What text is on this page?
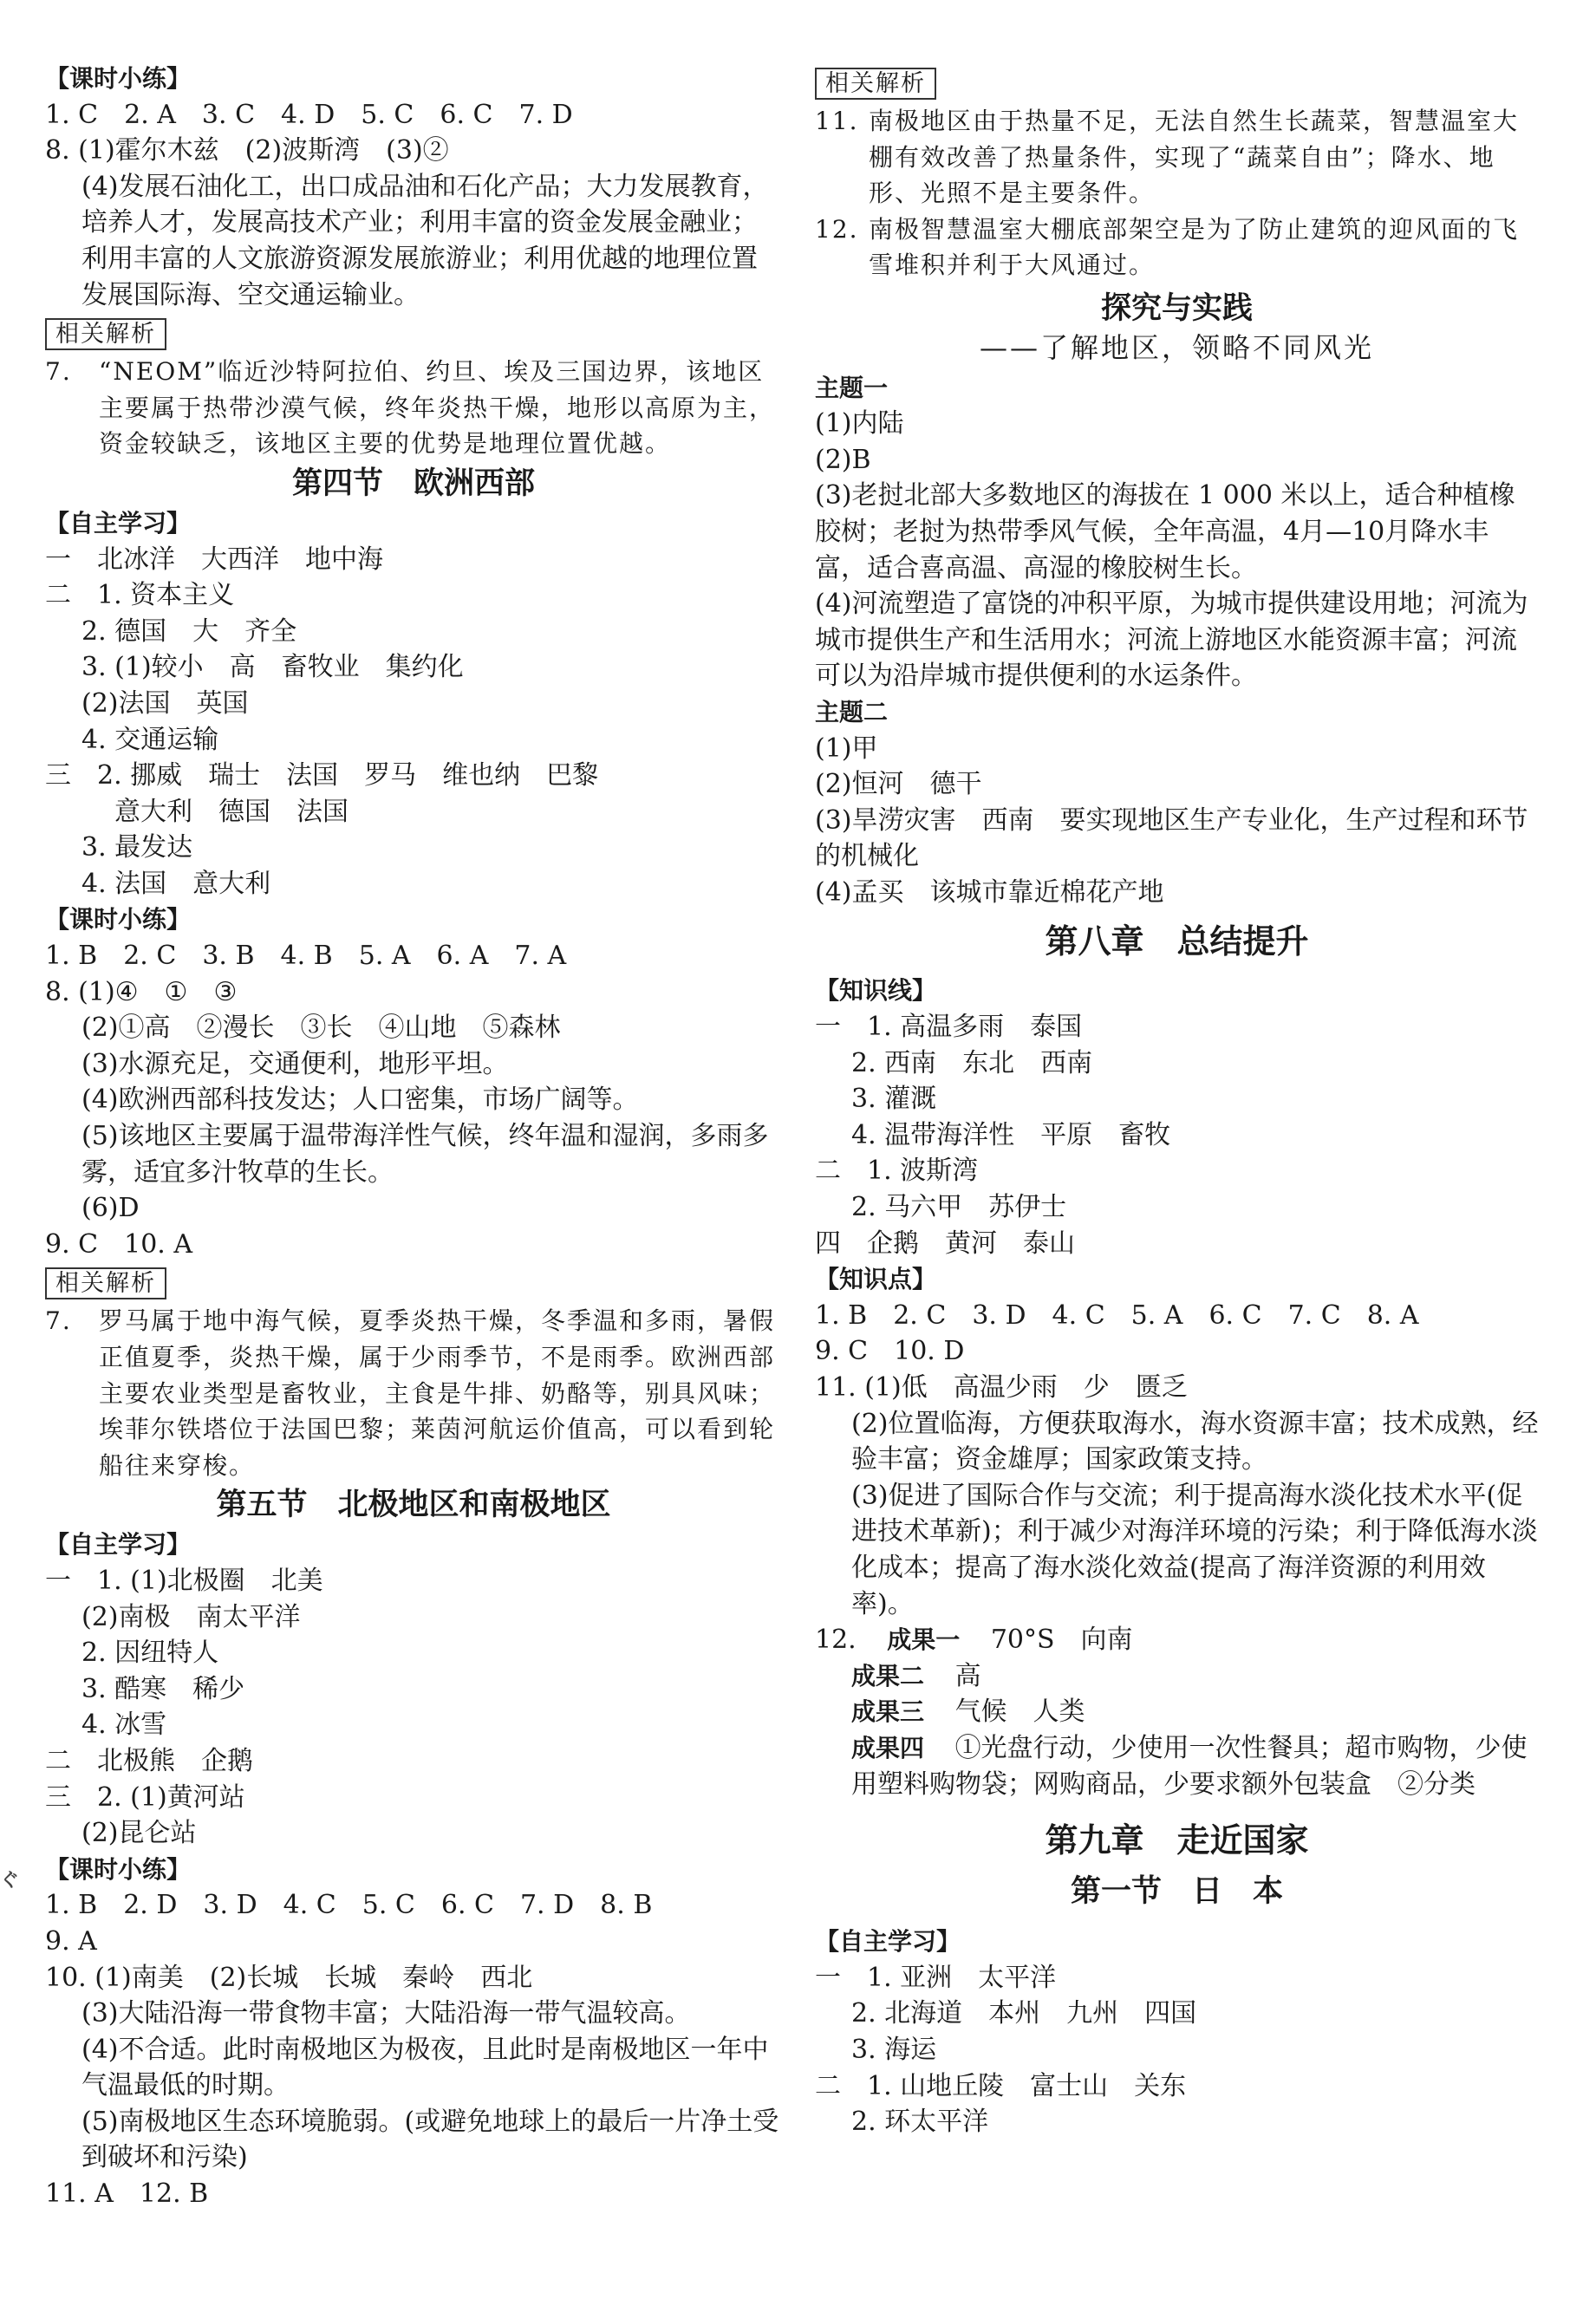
【课时小练】
1. C　2. A　3. C　4. D　5. C　6. C　7. D
8. (1)霍尔木兹　(2)波斯湾　(3)②
(4)发展石油化工，出口成品油和石化产品；大力发展教育，培养人才，发展高技术产业；利用丰富的资金发展金融业；利用丰富的人文旅游资源发展旅游业；利用优越的地理位置发展国际海、空交通运输业。
相关解析
7.	“NEOM”临近沙特阿拉伯、约旦、埃及三国边界，该地区主要属于热带沙漠气候，终年炎热干燥，地形以高原为主，资金较缺乏，该地区主要的优势是地理位置优越。
第四节　欧洲西部
【自主学习】
一　北冰洋　大西洋　地中海
二　1. 资本主义
2. 德国　大　齐全
3. (1)较小　高　畜牧业　集约化
(2)法国　英国
4. 交通运输
三　2. 挪威　瑞士　法国　罗马　维也纳　巴黎
意大利　德国　法国
3. 最发达
4. 法国　意大利
【课时小练】
1. B　2. C　3. B　4. B　5. A　6. A　7. A
8. (1)④　①　③
(2)①高　②漫长　③长　④山地　⑤森林
(3)水源充足，交通便利，地形平坦。
(4)欧洲西部科技发达；人口密集，市场广阔等。
(5)该地区主要属于温带海洋性气候，终年温和湿润，多雨多雾，适宜多汁牧草的生长。
(6)D
9. C　10. A
相关解析
7.	罗马属于地中海气候，夏季炎热干燥，冬季温和多雨，暑假正值夏季，炎热干燥，属于少雨季节，不是雨季。欧洲西部主要农业类型是畜牧业，主食是牛排、奶酪等，别具风味；埃菲尔铁塔位于法国巴黎；莱茵河航运价值高，可以看到轮船往来穿梭。
第五节　北极地区和南极地区
【自主学习】
一　1. (1)北极圈　北美
(2)南极　南太平洋
2. 因纽特人
3. 酷寒　稀少
4. 冰雪
二　北极熊　企鹅
三　2. (1)黄河站
(2)昆仑站
【课时小练】
1. B　2. D　3. D　4. C　5. C　6. C　7. D　8. B
9. A
10. (1)南美　(2)长城　长城　秦岭　西北
(3)大陆沿海一带食物丰富；大陆沿海一带气温较高。
(4)不合适。此时南极地区为极夜，且此时是南极地区一年中气温最低的时期。
(5)南极地区生态环境脆弱。(或避免地球上的最后一片净土受到破坏和污染)
11. A　12. B
ぐ
相关解析
11. 南极地区由于热量不足，无法自然生长蔬菜，智慧温室大棚有效改善了热量条件，实现了“蔬菜自由”；降水、地形、光照不是主要条件。
12. 南极智慧温室大棚底部架空是为了防止建筑的迎风面的飞雪堆积并利于大风通过。
探究与实践
——了解地区，领略不同风光
主题一
(1)内陆
(2)B
(3)老挝北部大多数地区的海拔在 1 000 米以上，适合种植橡胶树；老挝为热带季风气候，全年高温，4月—10月降水丰富，适合喜高温、高湿的橡胶树生长。
(4)河流塑造了富饶的冲积平原，为城市提供建设用地；河流为城市提供生产和生活用水；河流上游地区水能资源丰富；河流可以为沿岸城市提供便利的水运条件。
主题二
(1)甲
(2)恒河　德干
(3)旱涝灾害　西南　要实现地区生产专业化，生产过程和环节的机械化
(4)孟买　该城市靠近棉花产地
第八章　总结提升
【知识线】
一　1. 高温多雨　泰国
2. 西南　东北　西南
3. 灌溉
4. 温带海洋性　平原　畜牧
二　1. 波斯湾
2. 马六甲　苏伊士
四　企鹅　黄河　泰山
【知识点】
1. B　2. C　3. D　4. C　5. A　6. C　7. C　8. A
9. C　10. D
11. (1)低　高温少雨　少　匮乏
(2)位置临海，方便获取海水，海水资源丰富；技术成熟，经验丰富；资金雄厚；国家政策支持。
(3)促进了国际合作与交流；利于提高海水淡化技术水平(促进技术革新)；利于减少对海洋环境的污染；利于降低海水淡化成本；提高了海水淡化效益(提高了海洋资源的利用效率)。
12. 成果一 70°S　向南
成果二 高
成果三 气候　人类
成果四 ①光盘行动，少使用一次性餐具；超市购物，少使用塑料购物袋；网购商品，少要求额外包装盒　②分类
第九章　走近国家
第一节　日　本
【自主学习】
一　1. 亚洲　太平洋
2. 北海道　本州　九州　四国
3. 海运
二　1. 山地丘陵　富士山　关东
2. 环太平洋
